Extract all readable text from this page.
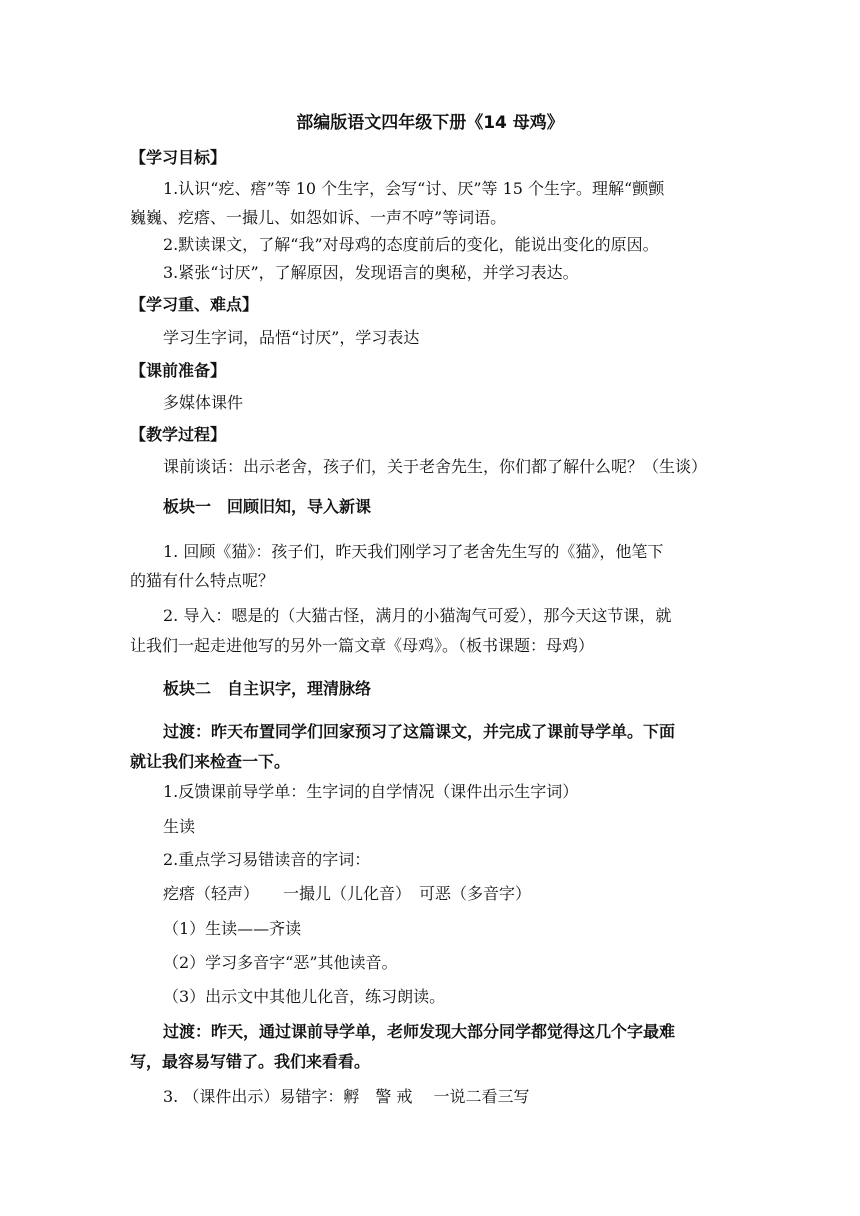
部编版语文四年级下册《14 母鸡》
【学习目标】
1.认识“疙、瘩”等 10 个生字，会写“讨、厌”等 15 个生字。理解“颤颤
巍巍、疙瘩、一撮儿、如怨如诉、一声不哼”等词语。
2.默读课文，了解“我”对母鸡的态度前后的变化，能说出变化的原因。
3.紧张“讨厌”，了解原因，发现语言的奥秘，并学习表达。
【学习重、难点】
学习生字词，品悟“讨厌”，学习表达
【课前准备】
多媒体课件
【教学过程】
课前谈话：出示老舍，孩子们，关于老舍先生，你们都了解什么呢？（生谈）
板块一　回顾旧知，导入新课
1. 回顾《猫》：孩子们，昨天我们刚学习了老舍先生写的《猫》，他笔下
的猫有什么特点呢？
2. 导入：嗯是的（大猫古怪，满月的小猫淘气可爱），那今天这节课，就
让我们一起走进他写的另外一篇文章《母鸡》。（板书课题：母鸡）
板块二　自主识字，理清脉络
过渡：昨天布置同学们回家预习了这篇课文，并完成了课前导学单。下面
就让我们来检查一下。
1.反馈课前导学单：生字词的自学情况（课件出示生字词）
生读
2.重点学习易错读音的字词：
疙瘩（轻声）　　一撮儿（儿化音）　可恶（多音字）
（1）生读——齐读
（2）学习多音字“恶”其他读音。
（3）出示文中其他儿化音，练习朗读。
过渡：昨天，通过课前导学单，老师发现大部分同学都觉得这几个字最难
写，最容易写错了。我们来看看。
3. （课件出示）易错字：孵　警 戒　 一说二看三写
